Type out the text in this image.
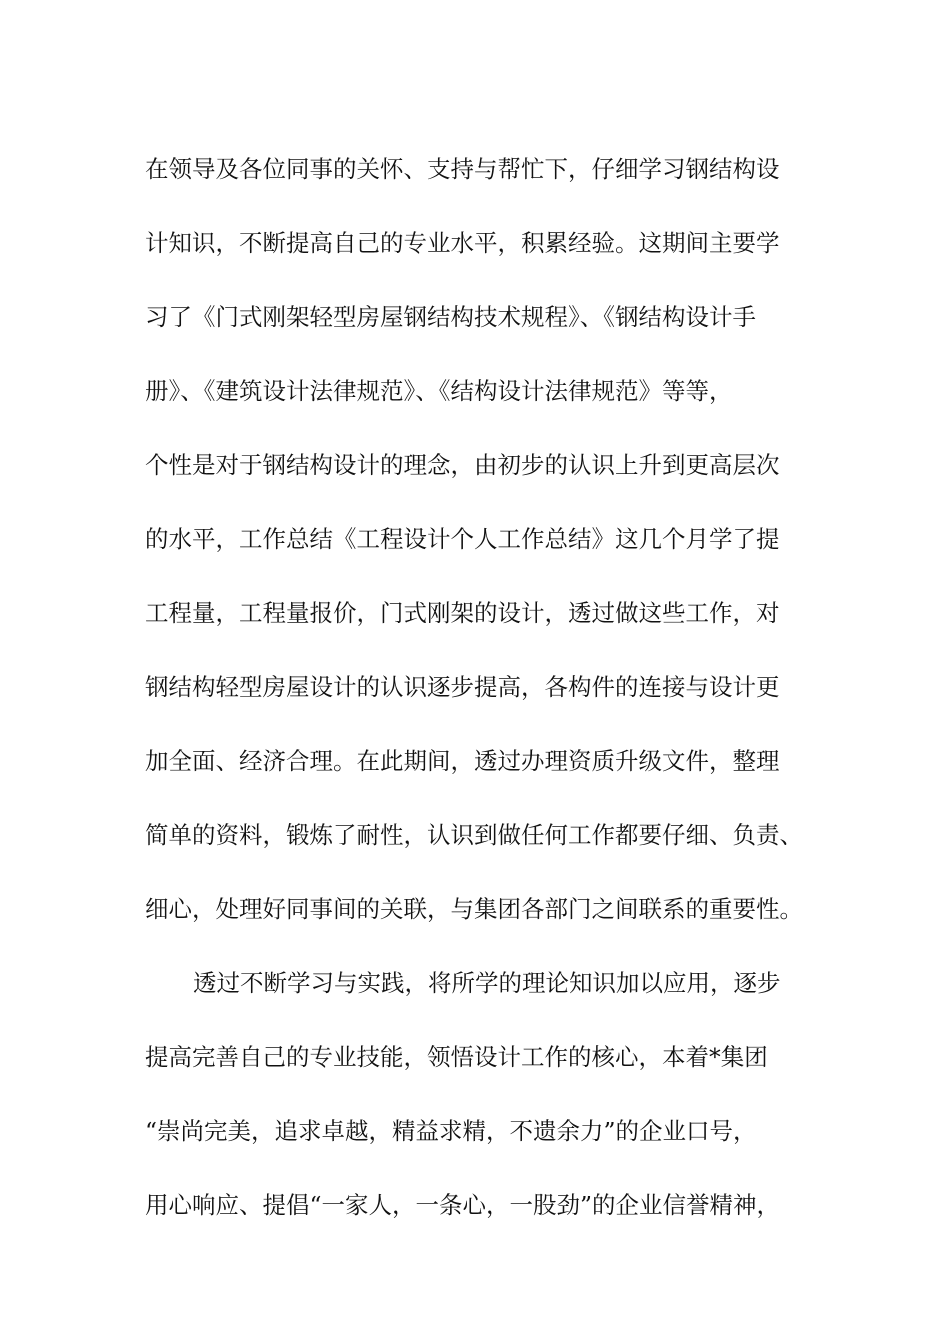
在领导及各位同事的关怀、支持与帮忙下，仔细学习钢结构设
计知识，不断提高自己的专业水平，积累经验。这期间主要学
习了《门式刚架轻型房屋钢结构技术规程》、《钢结构设计手
册》、《建筑设计法律规范》、《结构设计法律规范》等等，
个性是对于钢结构设计的理念，由初步的认识上升到更高层次
的水平，工作总结《工程设计个人工作总结》这几个月学了提
工程量，工程量报价，门式刚架的设计，透过做这些工作，对
钢结构轻型房屋设计的认识逐步提高，各构件的连接与设计更
加全面、经济合理。在此期间，透过办理资质升级文件，整理
简单的资料，锻炼了耐性，认识到做任何工作都要仔细、负责、
细心，处理好同事间的关联，与集团各部门之间联系的重要性。
透过不断学习与实践，将所学的理论知识加以应用，逐步
提高完善自己的专业技能，领悟设计工作的核心，本着*集团
“崇尚完美，追求卓越，精益求精，不遗余力”的企业口号，
用心响应、提倡“一家人，一条心，一股劲”的企业信誉精神，
